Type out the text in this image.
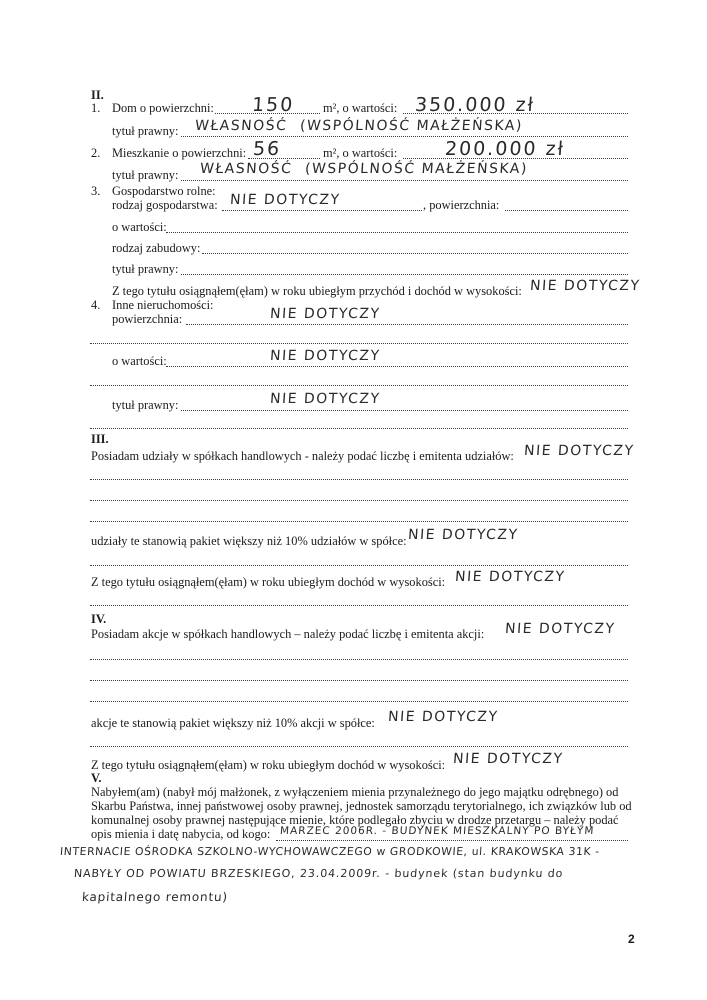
II.
1. Dom o powierzchni: 150 m², o wartości: 350.000 zł
tytuł prawny: WŁASNOŚĆ (WSPÓLNOŚĆ MAŁŻEŃSKA)
2. Mieszkanie o powierzchni: 56	m², o wartości: 200.000 zł
tytuł prawny: WŁASNOŚĆ (WSPÓLNOŚĆ MAŁŻEŃSKA)
3. Gospodarstwo rolne:
rodzaj gospodarstwa: NIE DOTYCZY	, powierzchnia:
o wartości:
rodzaj zabudowy:
tytuł prawny:
Z tego tytułu osiągnąłem(ęłam) w roku ubiegłym przychód i dochód w wysokości: NIE DOTYCZY
4. Inne nieruchomości:
powierzchnia:	NIE DOTYCZY
o wartości:	NIE DOTYCZY
tytuł prawny:	NIE DOTYCZY
III.
Posiadam udziały w spółkach handlowych - należy podać liczbę i emitenta udziałów: NIE DOTYCZY
udziały te stanowią pakiet większy niż 10% udziałów w spółce: NIE DOTYCZY
Z tego tytułu osiągnąłem(ęłam) w roku ubiegłym dochód w wysokości: NIE DOTYCZY
IV.
Posiadam akcje w spółkach handlowych – należy podać liczbę i emitenta akcji: NIE DOTYCZY
akcje te stanowią pakiet większy niż 10% akcji w spółce: NIE DOTYCZY
Z tego tytułu osiągnąłem(ęłam) w roku ubiegłym dochód w wysokości: NIE DOTYCZY
V.
Nabyłem(am) (nabył mój małżonek, z wyłączeniem mienia przynależnego do jego majątku odrębnego) od
Skarbu Państwa, innej państwowej osoby prawnej, jednostek samorządu terytorialnego, ich związków lub od
komunalnej osoby prawnej następujące mienie, które podlegało zbyciu w drodze przetargu – należy podać
opis mienia i datę nabycia, od kogo: MARZEC 2006R. - BUDYNEK MIESZKALNY PO BYŁYM
INTERNACIE OŚRODKA SZKOLNO-WYCHOWAWCZEGO w GRODKOWIE, ul. KRAKOWSKA 31K -
NABYŁY OD POWIATU BRZESKIEGO, 23.04.2009r. - budynek (stan budynku do
kapitalnego remontu)
2
